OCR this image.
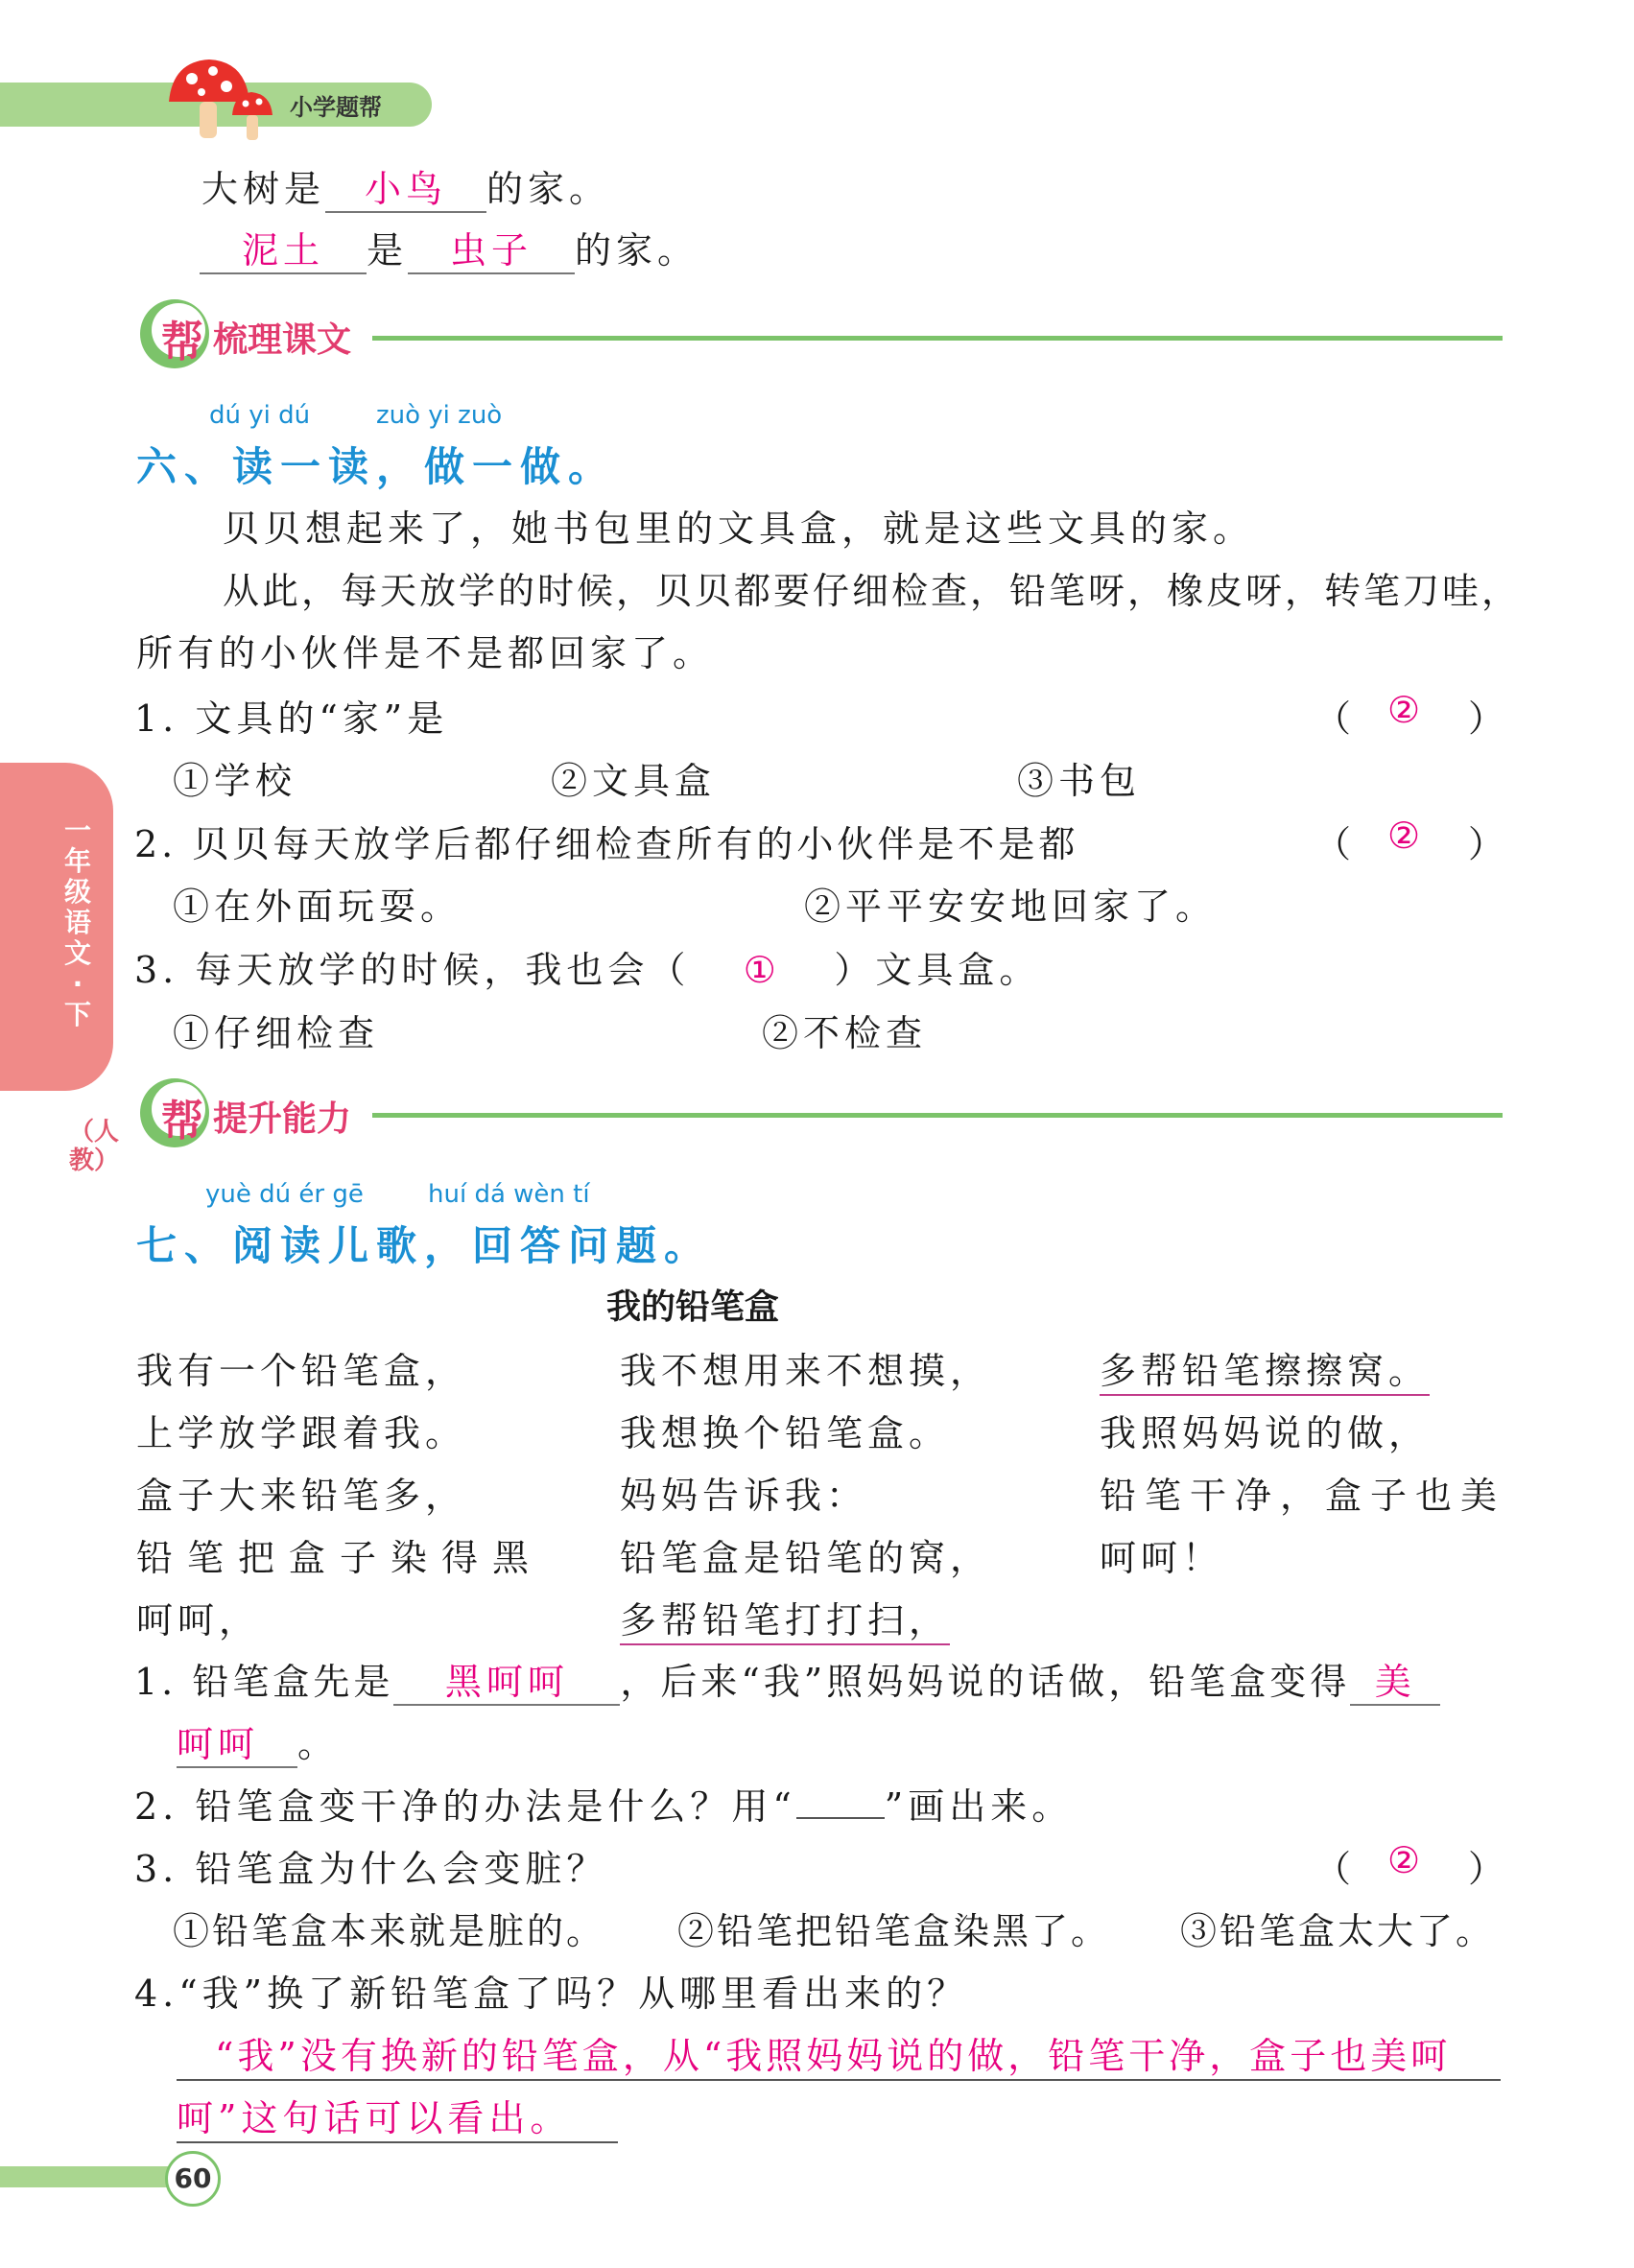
小学题帮
一年级语文·下
（人教）
大树是 小鸟 的家。
泥土 是 虫子 的家。
帮 梳理课文
dú yi dú	zuò yi zuò
六、读一读，做一做。
贝贝想起来了，她书包里的文具盒，就是这些文具的家。
从此，每天放学的时候，贝贝都要仔细检查，铅笔呀，橡皮呀，转笔刀哇，
所有的小伙伴是不是都回家了。
1. 文具的“家”是	（ ② ）
①学校	②文具盒	③书包
2. 贝贝每天放学后都仔细检查所有的小伙伴是不是都	（ ② ）
①在外面玩耍。	②平平安安地回家了。
3. 每天放学的时候，我也会（ ① ）文具盒。
①仔细检查	②不检查
帮 提升能力
yuè dú ér gē	huí dá wèn tí
七、阅读儿歌，回答问题。
我的铅笔盒
我有一个铅笔盒，
上学放学跟着我。
盒子大来铅笔多，
铅笔把盒子染得黑
呵呵，
我不想用来不想摸，
我想换个铅笔盒。
妈妈告诉我：
铅笔盒是铅笔的窝，
多帮铅笔打打扫，
多帮铅笔擦擦窝。
我照妈妈说的做，
铅笔干净，盒子也美
呵呵！
1. 铅笔盒先是 黑呵呵 ，后来“我”照妈妈说的话做，铅笔盒变得 美
呵呵 。
2. 铅笔盒变干净的办法是什么？用“ ”画出来。
3. 铅笔盒为什么会变脏？	（ ② ）
①铅笔盒本来就是脏的。 ②铅笔把铅笔盒染黑了。 ③铅笔盒太大了。
4.“我”换了新铅笔盒了吗？从哪里看出来的？
“我”没有换新的铅笔盒，从“我照妈妈说的做，铅笔干净，盒子也美呵
呵”这句话可以看出。
60
